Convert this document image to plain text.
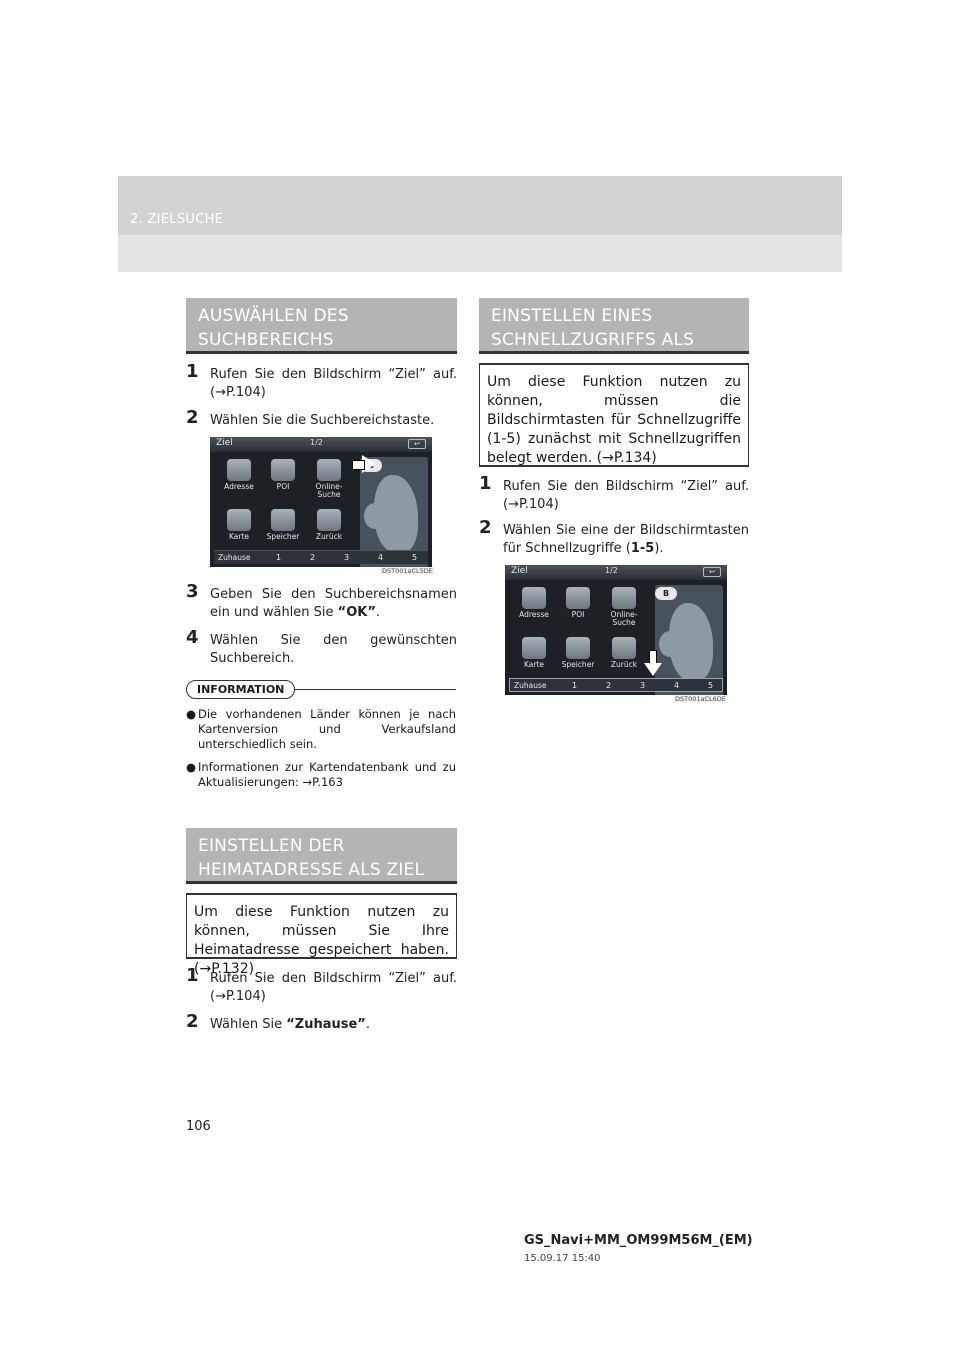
2. ZIELSUCHE
AUSWÄHLEN DES
SUCHBEREICHS
1 Rufen Sie den Bildschirm “Ziel” auf. (→P.104)
2 Wählen Sie die Suchbereichstaste.
Ziel	1/2	↩
B
Adresse	POI	Online-Suche
Karte	Speicher	Zurück
Zuhause	1	2	3	4	5
DST001aCL5DE
3 Geben Sie den Suchbereichsnamen ein und wählen Sie “OK”.
4 Wählen Sie den gewünschten Suchbereich.
INFORMATION
● Die vorhandenen Länder können je nach Kartenversion und Verkaufsland unterschiedlich sein.
● Informationen zur Kartendatenbank und zu Aktualisierungen: →P.163
EINSTELLEN DER
HEIMATADRESSE ALS ZIEL
Um diese Funktion nutzen zu können, müssen Sie Ihre Heimatadresse gespeichert haben. (→P.132)
1 Rufen Sie den Bildschirm “Ziel” auf. (→P.104)
2 Wählen Sie “Zuhause”.
EINSTELLEN EINES
SCHNELLZUGRIFFS ALS ZIEL
Um diese Funktion nutzen zu können, müssen die Bildschirmtasten für Schnellzugriffe (1-5) zunächst mit Schnellzugriffen belegt werden. (→P.134)
1 Rufen Sie den Bildschirm “Ziel” auf. (→P.104)
2 Wählen Sie eine der Bildschirmtasten für Schnellzugriffe (1-5).
Ziel	1/2	↩
B
Adresse	POI	Online-Suche
Karte	Speicher	Zurück
Zuhause	1	2	3	4	5
DST001aCL6DE
106
GS_Navi+MM_OM99M56M_(EM)
15.09.17 15:40
